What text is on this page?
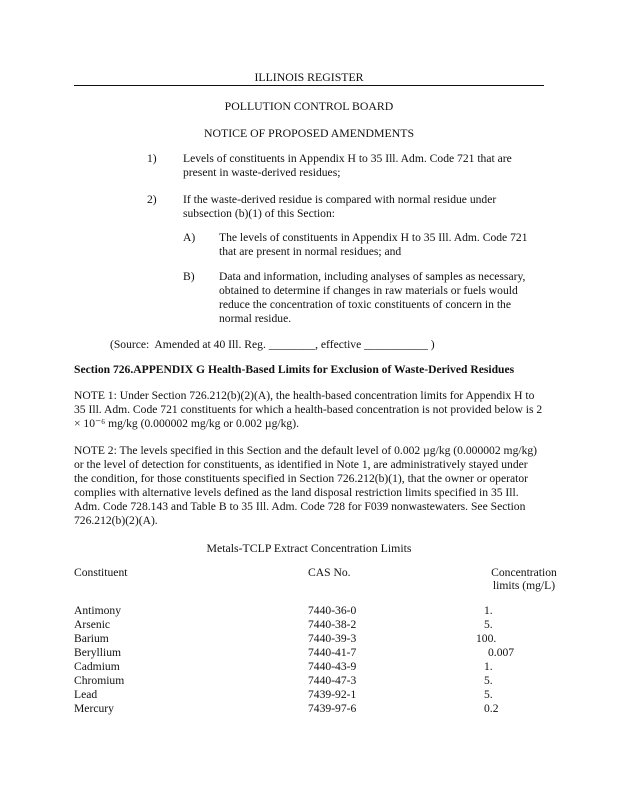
ILLINOIS REGISTER
POLLUTION CONTROL BOARD
NOTICE OF PROPOSED AMENDMENTS
1) Levels of constituents in Appendix H to 35 Ill. Adm. Code 721 that are present in waste-derived residues;
2) If the waste-derived residue is compared with normal residue under subsection (b)(1) of this Section:
A) The levels of constituents in Appendix H to 35 Ill. Adm. Code 721 that are present in normal residues; and
B) Data and information, including analyses of samples as necessary, obtained to determine if changes in raw materials or fuels would reduce the concentration of toxic constituents of concern in the normal residue.
(Source:  Amended at 40 Ill. Reg. ________, effective ___________ )
Section 726.APPENDIX G Health-Based Limits for Exclusion of Waste-Derived Residues
NOTE 1: Under Section 726.212(b)(2)(A), the health-based concentration limits for Appendix H to 35 Ill. Adm. Code 721 constituents for which a health-based concentration is not provided below is 2 × 10⁻⁶ mg/kg (0.000002 mg/kg or 0.002 µg/kg).
NOTE 2: The levels specified in this Section and the default level of 0.002 µg/kg (0.000002 mg/kg) or the level of detection for constituents, as identified in Note 1, are administratively stayed under the condition, for those constituents specified in Section 726.212(b)(1), that the owner or operator complies with alternative levels defined as the land disposal restriction limits specified in 35 Ill. Adm. Code 728.143 and Table B to 35 Ill. Adm. Code 728 for F039 nonwastewaters. See Section 726.212(b)(2)(A).
Metals-TCLP Extract Concentration Limits
Constituent	CAS No.	Concentration
limits (mg/L)
Antimony	7440-36-0	1.
Arsenic	7440-38-2	5.
Barium	7440-39-3	100.
Beryllium	7440-41-7	0.007
Cadmium	7440-43-9	1.
Chromium	7440-47-3	5.
Lead	7439-92-1	5.
Mercury	7439-97-6	0.2
